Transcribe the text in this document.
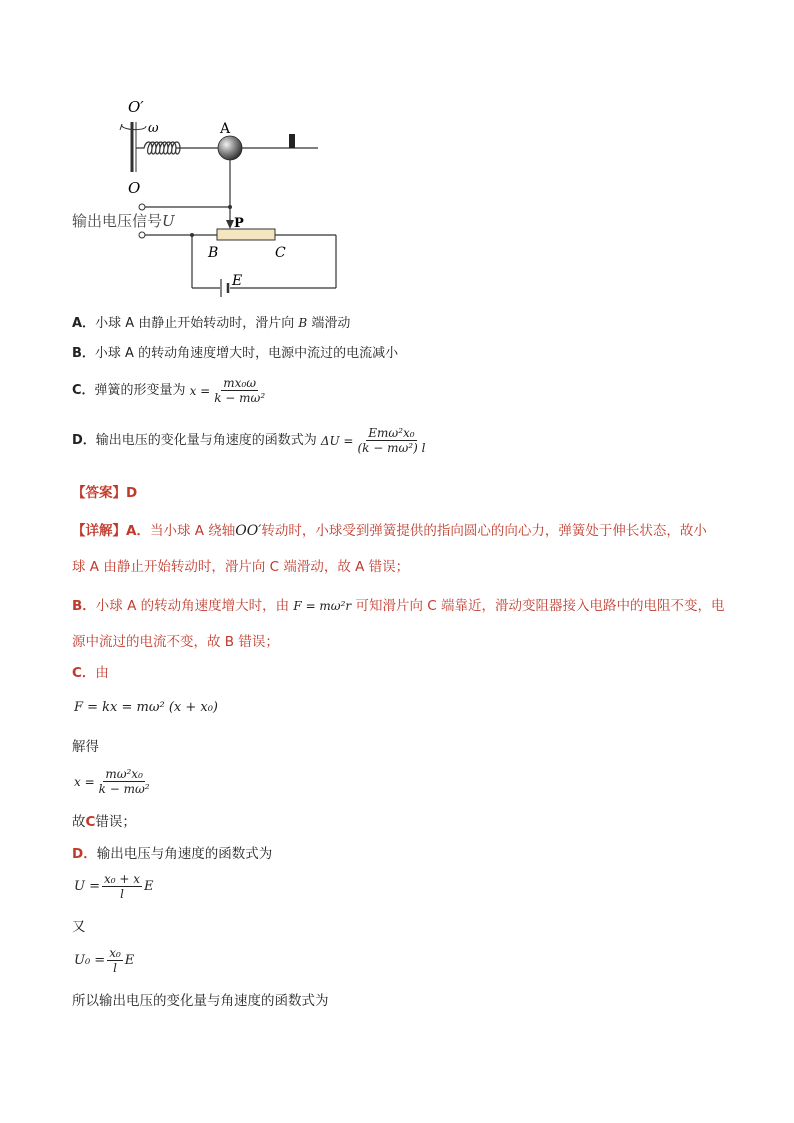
O′
ω
O
A
P
B	C
E
输出电压信号U
A．小球 A 由静止开始转动时，滑片向 B 端滑动
B．小球 A 的转动角速度增大时，电源中流过的电流减小
C． 弹簧的形变量为 $x = \frac{\text{mx₀ω}}{\text{k − mω²}}$
D． 输出电压的变化量与角速度的函数式为 $\Delta U = \frac{\text{Emω²x₀}}{\text{(k − mω²) l}}$
【答案】D
【详解】A．当小球 A 绕轴OO′转动时，小球受到弹簧提供的指向圆心的向心力，弹簧处于伸长状态，故小
球 A 由静止开始转动时，滑片向 C 端滑动，故 A 错误；
B．小球 A 的转动角速度增大时，由 F = mω²r 可知滑片向 C 端靠近，滑动变阻器接入电路中的电阻不变，电
源中流过的电流不变，故 B 错误；
C．由
F = kx = mω² (x + x₀)
解得
$x = \frac{\text{mω²x₀}}{\text{k − mω²}}$
故C错误；
D．输出电压与角速度的函数式为
$U = \frac{\text{x₀ + x}}{l}$ E
又
$U_0 = \frac{\text{x₀}}{l}$ E
所以输出电压的变化量与角速度的函数式为
